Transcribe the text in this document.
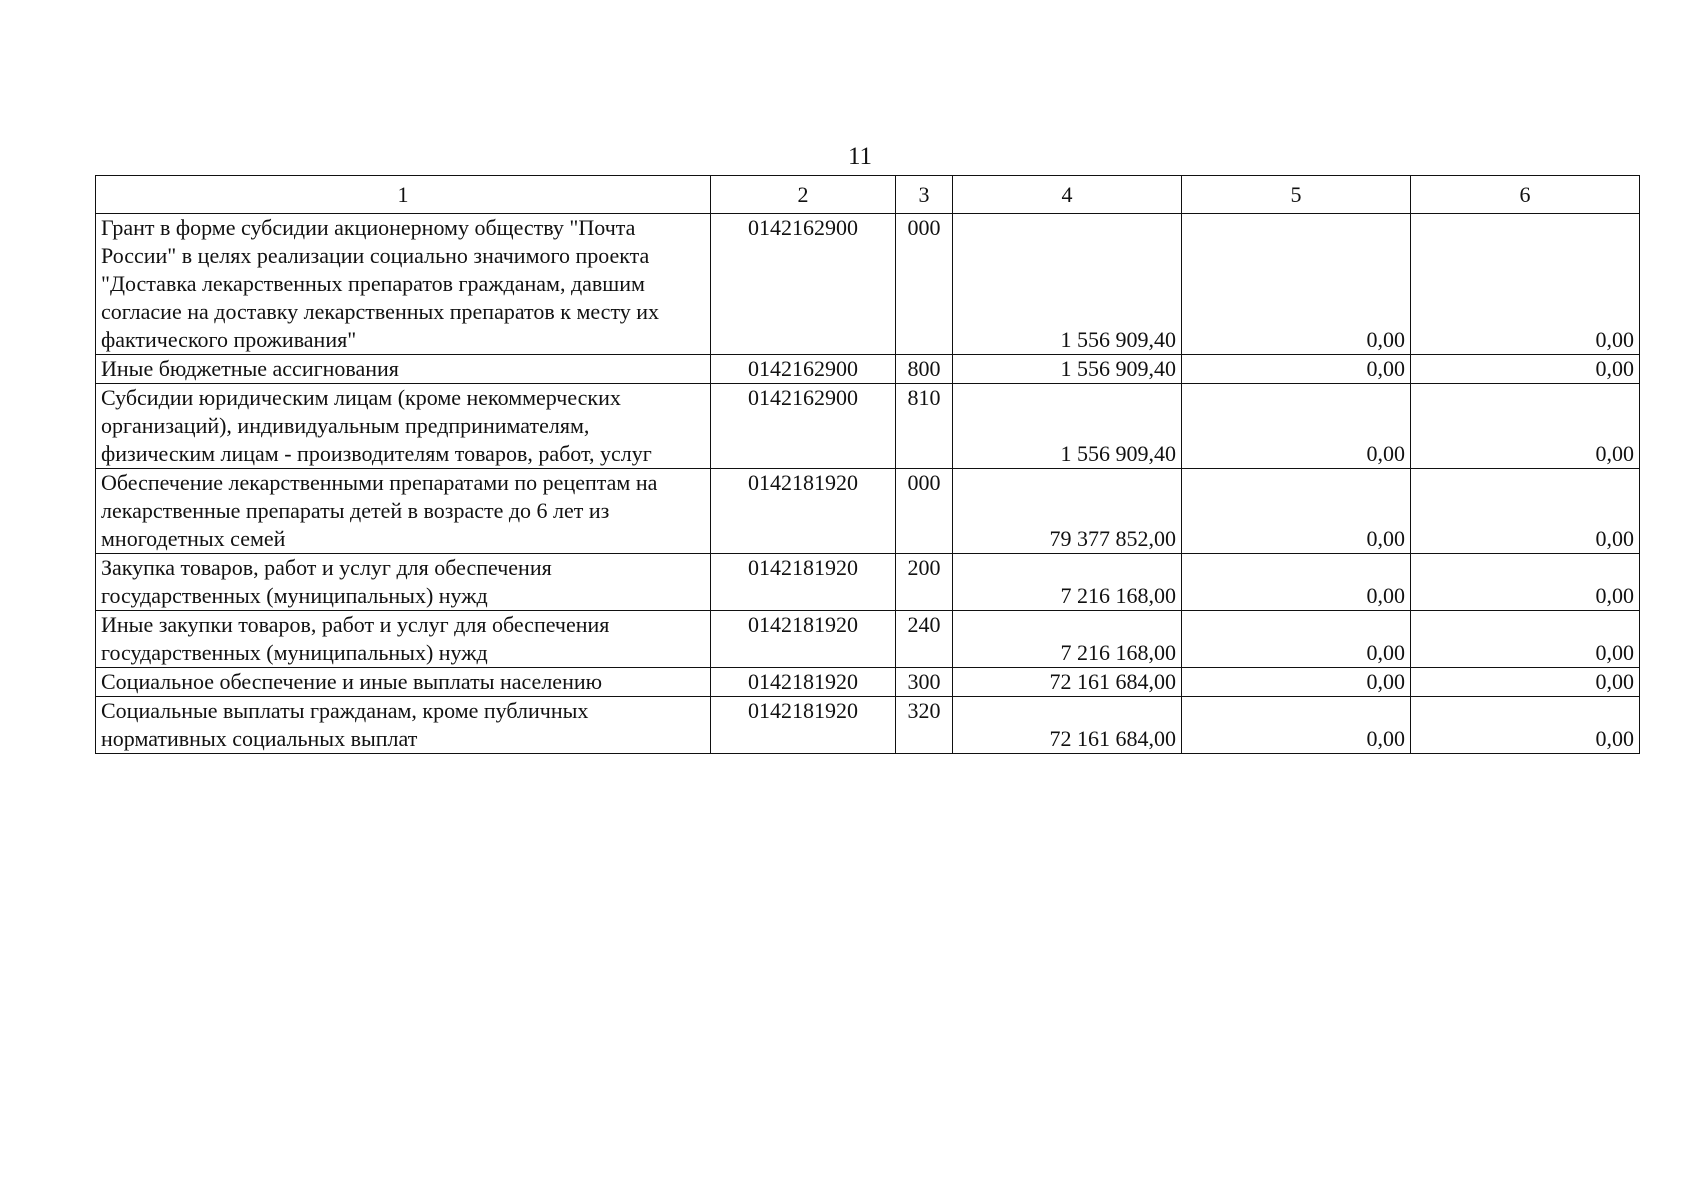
11
1	2	3	4	5	6
Грант в форме субсидии акционерному обществу "Почта России" в целях реализации социально значимого проекта "Доставка лекарственных препаратов гражданам, давшим согласие на доставку лекарственных препаратов к месту их фактического проживания"	0142162900	000	1 556 909,40	0,00	0,00
Иные бюджетные ассигнования	0142162900	800	1 556 909,40	0,00	0,00
Субсидии юридическим лицам (кроме некоммерческих организаций), индивидуальным предпринимателям, физическим лицам - производителям товаров, работ, услуг	0142162900	810	1 556 909,40	0,00	0,00
Обеспечение лекарственными препаратами по рецептам на лекарственные препараты детей в возрасте до 6 лет из многодетных семей	0142181920	000	79 377 852,00	0,00	0,00
Закупка товаров, работ и услуг для обеспечения государственных (муниципальных) нужд	0142181920	200	7 216 168,00	0,00	0,00
Иные закупки товаров, работ и услуг для обеспечения государственных (муниципальных) нужд	0142181920	240	7 216 168,00	0,00	0,00
Социальное обеспечение и иные выплаты населению	0142181920	300	72 161 684,00	0,00	0,00
Социальные выплаты гражданам, кроме публичных нормативных социальных выплат	0142181920	320	72 161 684,00	0,00	0,00
